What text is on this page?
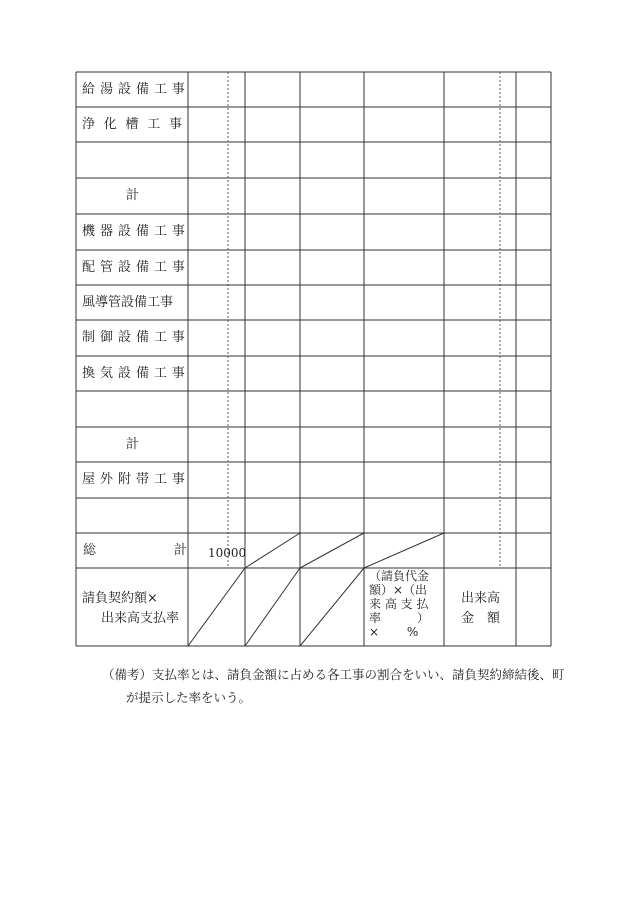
給 湯 設 備 工 事
浄 化 槽 工 事
計
機 器 設 備 工 事
配 管 設 備 工 事
風導管設備工事
制 御 設 備 工 事
換 気 設 備 工 事
計
屋 外 附 帯 工 事
総	計 10000
請負契約額×
出来高支払率
（請負代金
額）×（出
来 高 支 払
率　　　）
×　　 %
出来高
金　額
（備考）支払率とは、請負金額に占める各工事の割合をいい、請負契約締結後、町
が提示した率をいう。
